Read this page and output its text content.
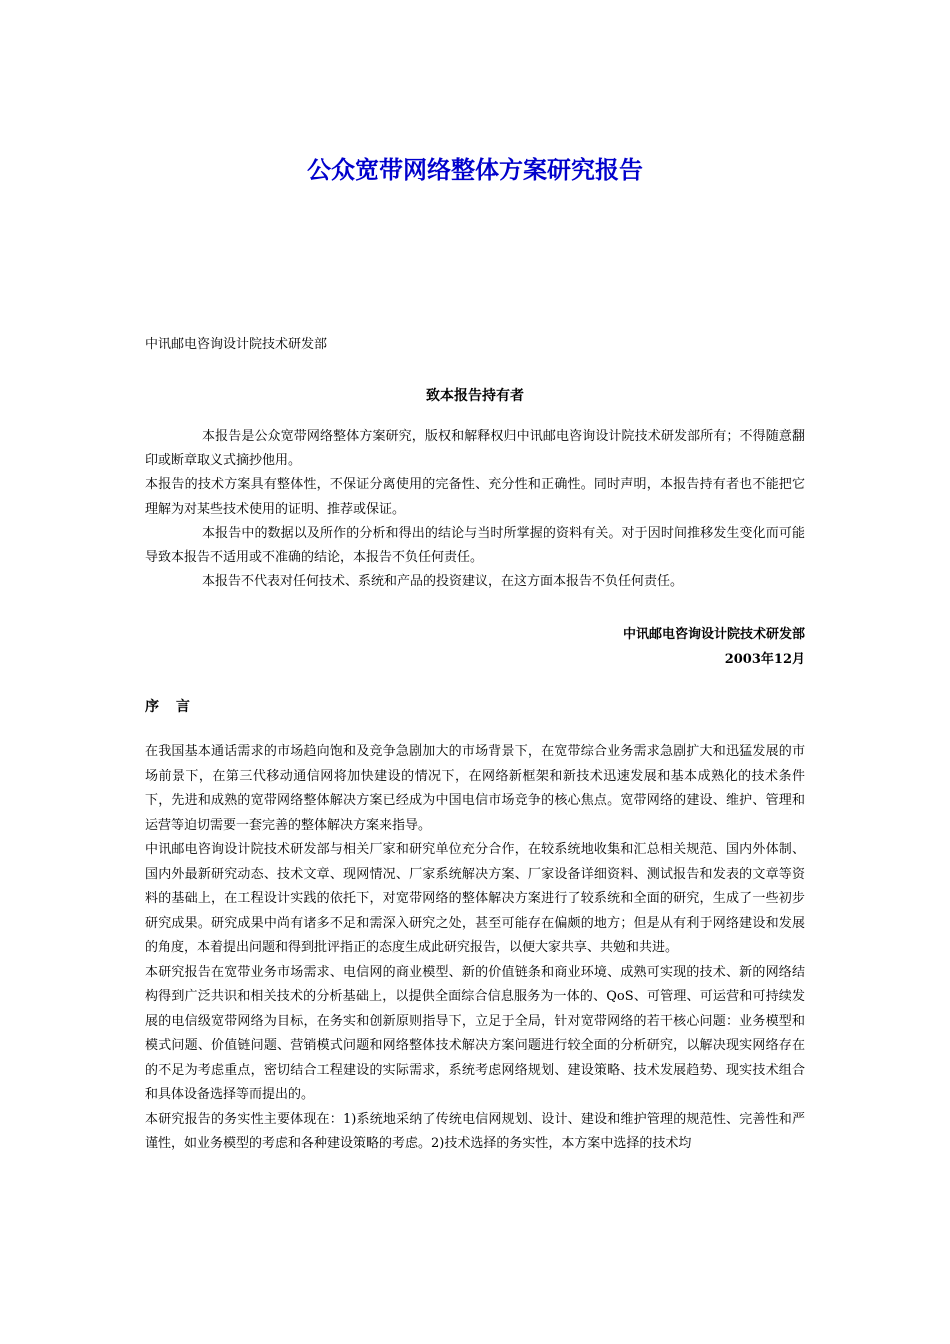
公众宽带网络整体方案研究报告
中讯邮电咨询设计院技术研发部
致本报告持有者

本报告是公众宽带网络整体方案研究，版权和解释权归中讯邮电咨询设计院技术研发部所有；不得随意翻印或断章取义式摘抄他用。

本报告的技术方案具有整体性，不保证分离使用的完备性、充分性和正确性。同时声明，本报告持有者也不能把它理解为对某些技术使用的证明、推荐或保证。

本报告中的数据以及所作的分析和得出的结论与当时所掌握的资料有关。对于因时间推移发生变化而可能导致本报告不适用或不准确的结论，本报告不负任何责任。

本报告不代表对任何技术、系统和产品的投资建议，在这方面本报告不负任何责任。

中讯邮电咨询设计院技术研发部
2003年12月
序 言

在我国基本通话需求的市场趋向饱和及竞争急剧加大的市场背景下，在宽带综合业务需求急剧扩大和迅猛发展的市场前景下，在第三代移动通信网将加快建设的情况下，在网络新框架和新技术迅速发展和基本成熟化的技术条件下，先进和成熟的宽带网络整体解决方案已经成为中国电信市场竞争的核心焦点。宽带网络的建设、维护、管理和运营等迫切需要一套完善的整体解决方案来指导。

中讯邮电咨询设计院技术研发部与相关厂家和研究单位充分合作，在较系统地收集和汇总相关规范、国内外体制、国内外最新研究动态、技术文章、现网情况、厂家系统解决方案、厂家设备详细资料、测试报告和发表的文章等资料的基础上，在工程设计实践的依托下，对宽带网络的整体解决方案进行了较系统和全面的研究，生成了一些初步研究成果。研究成果中尚有诸多不足和需深入研究之处，甚至可能存在偏颇的地方；但是从有利于网络建设和发展的角度，本着提出问题和得到批评指正的态度生成此研究报告，以便大家共享、共勉和共进。

本研究报告在宽带业务市场需求、电信网的商业模型、新的价值链条和商业环境、成熟可实现的技术、新的网络结构得到广泛共识和相关技术的分析基础上，以提供全面综合信息服务为一体的、QoS、可管理、可运营和可持续发展的电信级宽带网络为目标，在务实和创新原则指导下，立足于全局，针对宽带网络的若干核心问题：业务模型和模式问题、价值链问题、营销模式问题和网络整体技术解决方案问题进行较全面的分析研究，以解决现实网络存在的不足为考虑重点，密切结合工程建设的实际需求，系统考虑网络规划、建设策略、技术发展趋势、现实技术组合和具体设备选择等而提出的。

本研究报告的务实性主要体现在：1)系统地采纳了传统电信网规划、设计、建设和维护管理的规范性、完善性和严谨性，如业务模型的考虑和各种建设策略的考虑。2)技术选择的务实性，本方案中选择的技术均
